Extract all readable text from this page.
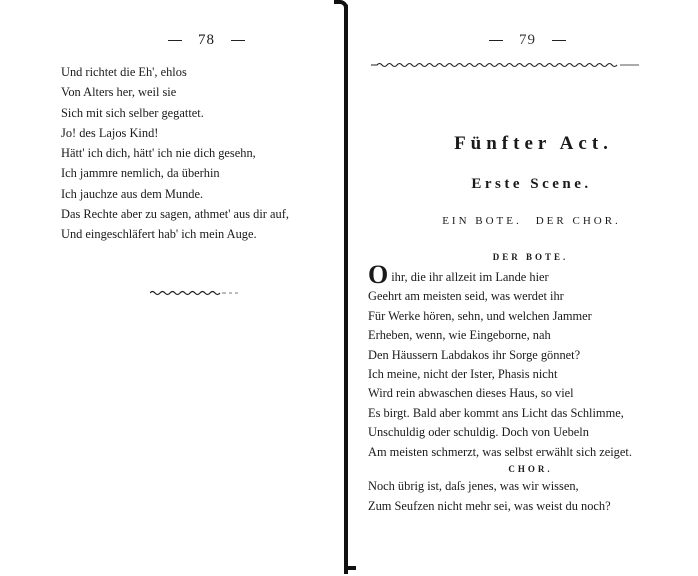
78
Und richtet die Eh', ehlos
Von Alters her, weil sie
Sich mit sich selber gegattet.
Jo! des Lajos Kind!
Hätt' ich dich, hätt' ich nie dich gesehn,
Ich jammre nemlich, da überhin
Ich jauchze aus dem Munde.
Das Rechte aber zu sagen, athmet' aus dir auf,
Und eingeschläfert hab' ich mein Auge.
79
Fünfter Act.
Erste Scene.
EIN BOTE. DER CHOR.
DER BOTE.
Oihr, die ihr allzeit im Lande hier
Geehrt am meisten seid, was werdet ihr
Für Werke hören, sehn, und welchen Jammer
Erheben, wenn, wie Eingeborne, nah
Den Häussern Labdakos ihr Sorge gönnet?
Ich meine, nicht der Ister, Phasis nicht
Wird rein abwaschen dieses Haus, so viel
Es birgt. Bald aber kommt ans Licht das Schlimme,
Unschuldig oder schuldig. Doch von Uebeln
Am meisten schmerzt, was selbst erwählt sich zeiget.
CHOR.
Noch übrig ist, daſs jenes, was wir wissen,
Zum Seufzen nicht mehr sei, was weist du noch?
